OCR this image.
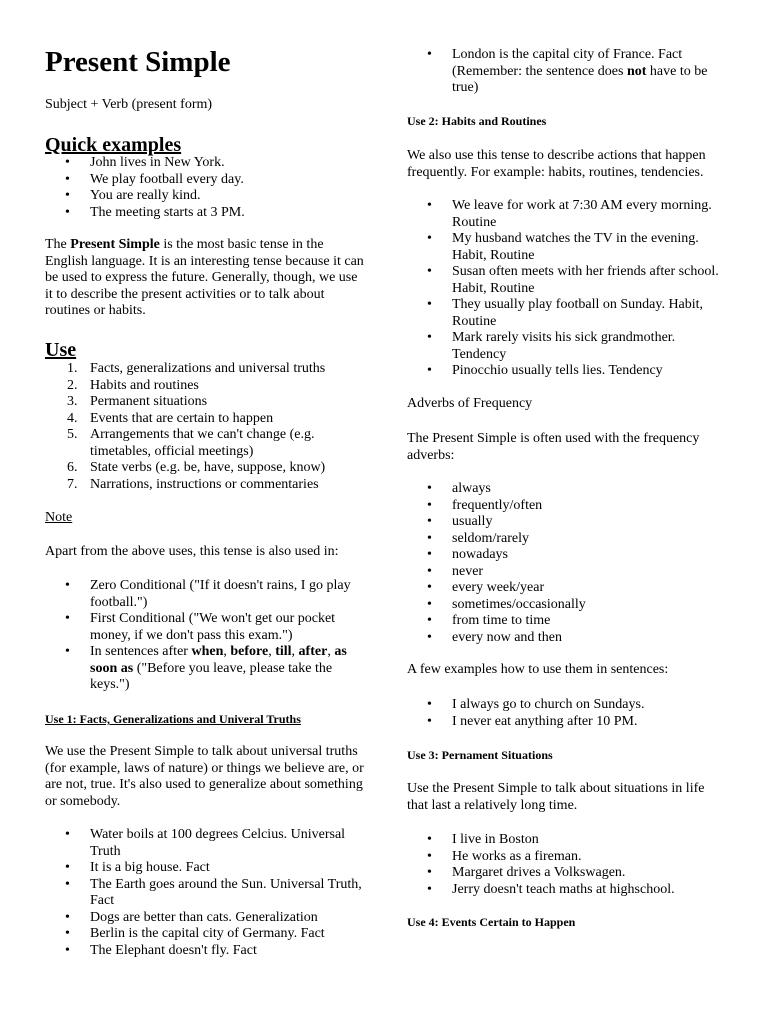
Present Simple
Subject + Verb (present form)
Quick examples
• John lives in New York.
• We play football every day.
• You are really kind.
• The meeting starts at 3 PM.

The Present Simple is the most basic tense in the English language. It is an interesting tense because it can be used to express the future. Generally, though, we use it to describe the present activities or to talk about routines or habits.

Use
1. Facts, generalizations and universal truths
2. Habits and routines
3. Permanent situations
4. Events that are certain to happen
5. Arrangements that we can't change (e.g. timetables, official meetings)
6. State verbs (e.g. be, have, suppose, know)
7. Narrations, instructions or commentaries

Note

Apart from the above uses, this tense is also used in:

• Zero Conditional ("If it doesn't rains, I go play football.")
• First Conditional ("We won't get our pocket money, if we don't pass this exam.")
• In sentences after when, before, till, after, as soon as ("Before you leave, please take the keys.")

Use 1: Facts, Generalizations and Univeral Truths

We use the Present Simple to talk about universal truths (for example, laws of nature) or things we believe are, or are not, true. It's also used to generalize about something or somebody.

• Water boils at 100 degrees Celcius. Universal Truth
• It is a big house. Fact
• The Earth goes around the Sun. Universal Truth, Fact
• Dogs are better than cats. Generalization
• Berlin is the capital city of Germany. Fact
• The Elephant doesn't fly. Fact
• London is the capital city of France. Fact (Remember: the sentence does not have to be true)

Use 2: Habits and Routines

We also use this tense to describe actions that happen frequently. For example: habits, routines, tendencies.

• We leave for work at 7:30 AM every morning. Routine
• My husband watches the TV in the evening. Habit, Routine
• Susan often meets with her friends after school. Habit, Routine
• They usually play football on Sunday. Habit, Routine
• Mark rarely visits his sick grandmother. Tendency
• Pinocchio usually tells lies. Tendency

Adverbs of Frequency

The Present Simple is often used with the frequency adverbs:

• always
• frequently/often
• usually
• seldom/rarely
• nowadays
• never
• every week/year
• sometimes/occasionally
• from time to time
• every now and then

A few examples how to use them in sentences:

• I always go to church on Sundays.
• I never eat anything after 10 PM.

Use 3: Pernament Situations

Use the Present Simple to talk about situations in life that last a relatively long time.

• I live in Boston
• He works as a fireman.
• Margaret drives a Volkswagen.
• Jerry doesn't teach maths at highschool.

Use 4: Events Certain to Happen
